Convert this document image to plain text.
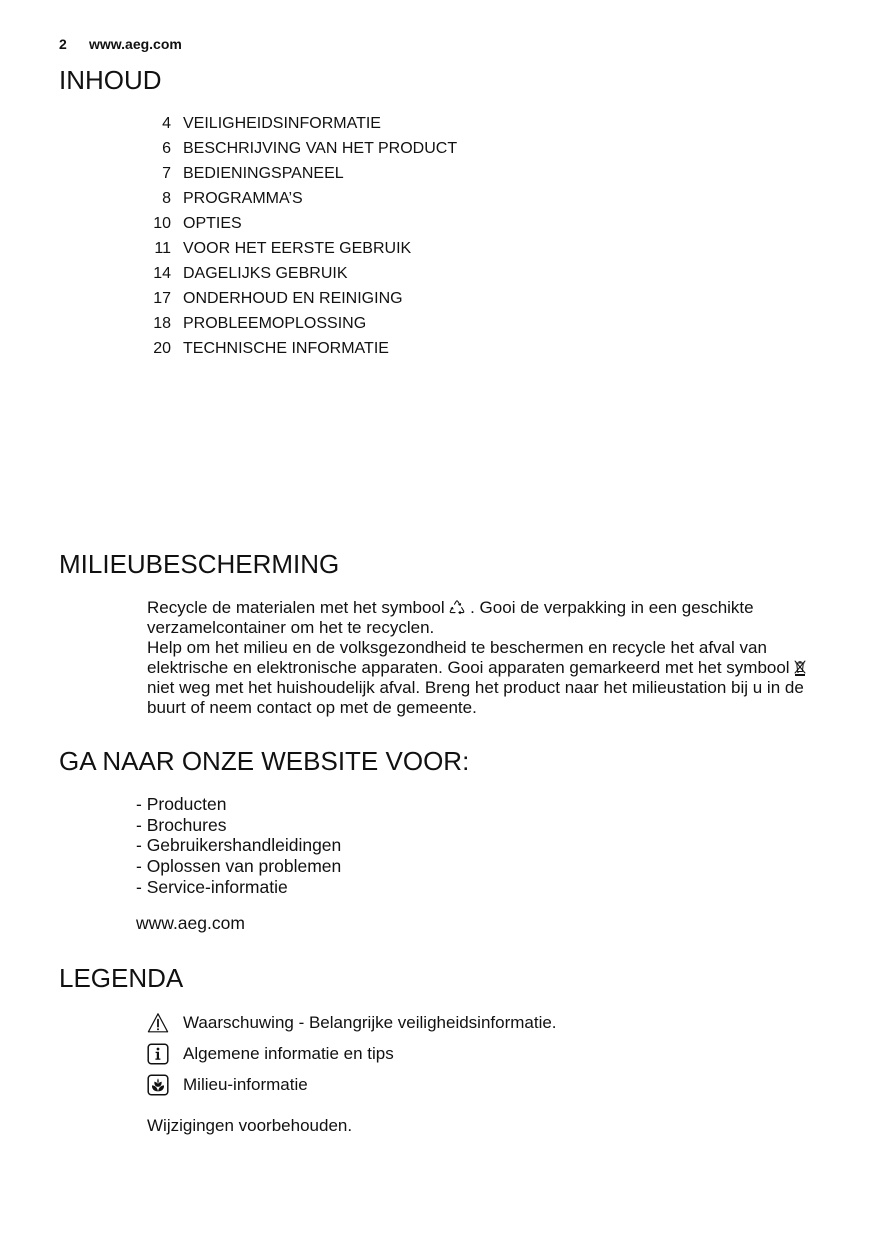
2 www.aeg.com
INHOUD
4 VEILIGHEIDSINFORMATIE
6 BESCHRIJVING VAN HET PRODUCT
7 BEDIENINGSPANEEL
8 PROGRAMMA’S
10 OPTIES
11 VOOR HET EERSTE GEBRUIK
14 DAGELIJKS GEBRUIK
17 ONDERHOUD EN REINIGING
18 PROBLEEMOPLOSSING
20 TECHNISCHE INFORMATIE
MILIEUBESCHERMING
Recycle de materialen met het symbool . Gooi de verpakking in een geschikte
verzamelcontainer om het te recyclen.
Help om het milieu en de volksgezondheid te beschermen en recycle het afval van
elektrische en elektronische apparaten. Gooi apparaten gemarkeerd met het symbool
niet weg met het huishoudelijk afval. Breng het product naar het milieustation bij u in de
buurt of neem contact op met de gemeente.
GA NAAR ONZE WEBSITE VOOR:
- Producten
- Brochures
- Gebruikershandleidingen
- Oplossen van problemen
- Service-informatie
www.aeg.com
LEGENDA
Waarschuwing - Belangrijke veiligheidsinformatie.
Algemene informatie en tips
Milieu-informatie
Wijzigingen voorbehouden.
